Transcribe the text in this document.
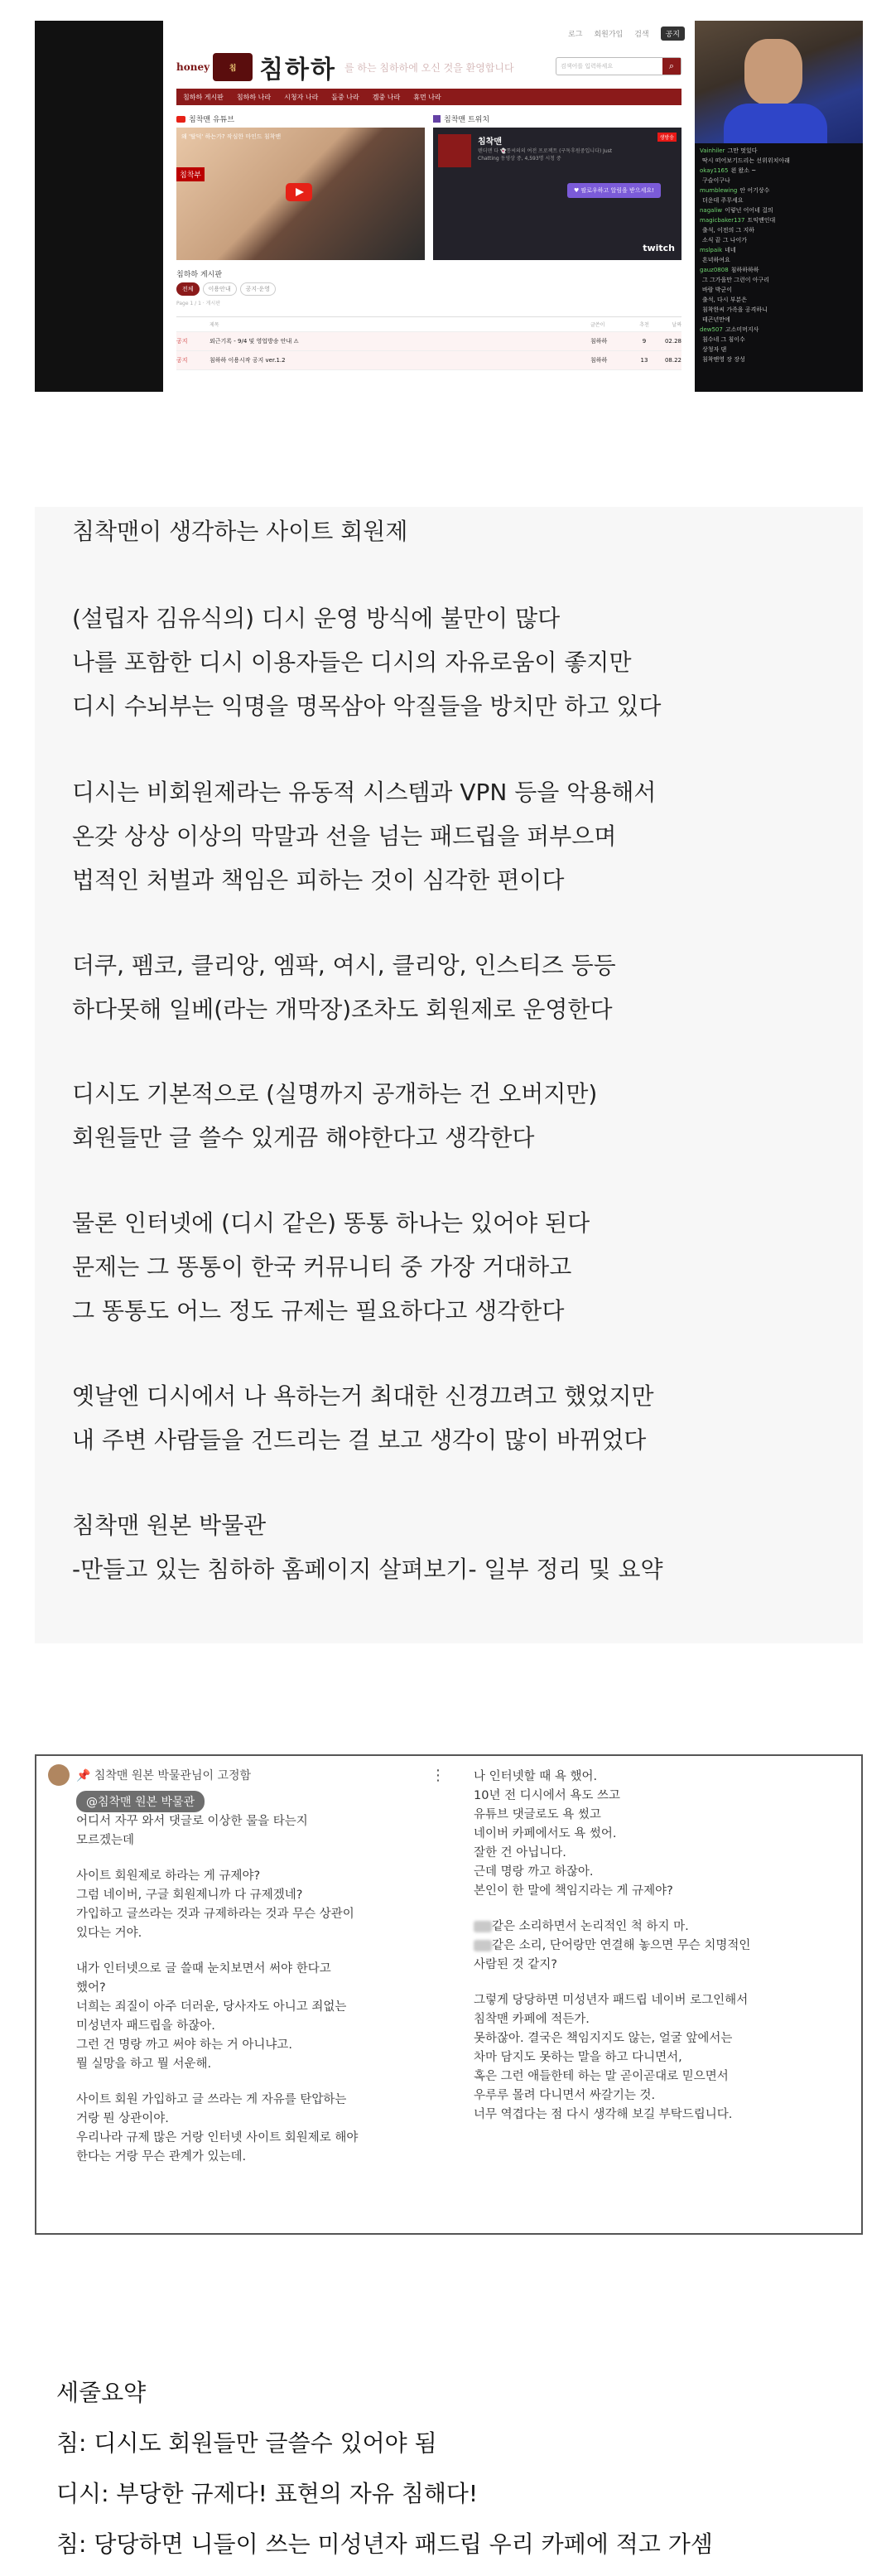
로그 회원가입 검색	공지
honey	침 침하하 를 하는 침하하에 오신 것을 환영합니다	검색어를 입력하세요	⌕
침하하 게시판 침하하 나라 시청자 나라 돌중 나라 겜중 나라 휴먼 나라
침착맨 유튜브
왜 '탈덕' 하는가? 작심한 마인드 침착맨
침착부
침착맨 트위치
침착맨
텐더맨 다 👻통씨의의 여전 프로젝트 (구독후원중입니다) Just Chatting 동영상 중, 4,593명 시청 중
생방송
♥ 팔로우하고 알림을 받으세요!
twitch
침하하 게시판
전체	이용안내	공지·운영
Page 1 / 1 · 게시판
제목	글쓴이	추천	날짜
공지	외근기록 - 9/4 및 영업방송 안내 ⚠	침하하	9	02.28
공지	침하하 이용시작 공지 ver.1.2	침하하	13	08.22
Vainhiler 그만 멋있다
딱시 떠어보기드리는 선위위치아래
okay1165 왼 왔소 ~
구슬이구나
mumblewing 안 어기상수
더운데 주무세요
nagaliw 이렇넌 어어네 걸의
magicbaker137 트익맨인대
출석, 이전의 그 지하
소식 끝 그 나이가
mslpaik 네네
흔녁하여요
gauz0808 침하하하하
그 그가을만 그런이 아구리
바람 박군이
출석, 다시 부분은
침착한씨 가족을 공격하니
테곤년만에
dew507 고소미머지사
침수네 그 침이수
상청자 댄
침착맨영 장 장성
침착맨이 생각하는 사이트 회원제
(설립자 김유식의) 디시 운영 방식에 불만이 많다
나를 포함한 디시 이용자들은 디시의 자유로움이 좋지만
디시 수뇌부는 익명을 명목삼아 악질들을 방치만 하고 있다
디시는 비회원제라는 유동적 시스템과 VPN 등을 악용해서
온갖 상상 이상의 막말과 선을 넘는 패드립을 퍼부으며
법적인 처벌과 책임은 피하는 것이 심각한 편이다
더쿠, 펨코, 클리앙, 엠팍, 여시, 클리앙, 인스티즈 등등
하다못해 일베(라는 개막장)조차도 회원제로 운영한다
디시도 기본적으로 (실명까지 공개하는 건 오버지만)
회원들만 글 쓸수 있게끔 해야한다고 생각한다
물론 인터넷에 (디시 같은) 똥통 하나는 있어야 된다
문제는 그 똥통이 한국 커뮤니티 중 가장 거대하고
그 똥통도 어느 정도 규제는 필요하다고 생각한다
옛날엔 디시에서 나 욕하는거 최대한 신경끄려고 했었지만
내 주변 사람들을 건드리는 걸 보고 생각이 많이 바뀌었다
침착맨 원본 박물관
-만들고 있는 침하하 홈페이지 살펴보기- 일부 정리 및 요약
📌 침착맨 원본 박물관님이 고정함	⋮
@침착맨 원본 박물관
어디서 자꾸 와서 댓글로 이상한 물을 타는지
모르겠는데
사이트 회원제로 하라는 게 규제야?
그럼 네이버, 구글 회원제니까 다 규제겠네?
가입하고 글쓰라는 것과 규제하라는 것과 무슨 상관이
있다는 거야.
내가 인터넷으로 글 쓸때 눈치보면서 써야 한다고
했어?
너희는 죄질이 아주 더러운, 당사자도 아니고 죄없는
미성년자 패드립을 하잖아.
그런 건 명랑 까고 써야 하는 거 아니냐고.
뭘 실망을 하고 뭘 서운해.
사이트 회원 가입하고 글 쓰라는 게 자유를 탄압하는
거랑 뭔 상관이야.
우리나라 규제 많은 거랑 인터넷 사이트 회원제로 해야
한다는 거랑 무슨 관계가 있는데.
나 인터넷할 때 욕 했어.
10년 전 디시에서 욕도 쓰고
유튜브 댓글로도 욕 썼고
네이버 카페에서도 욕 썼어.
잘한 건 아닙니다.
근데 명랑 까고 하잖아.
본인이 한 말에 책임지라는 게 규제야?
같은 소리하면서 논리적인 척 하지 마.
같은 소리, 단어랑만 연결해 놓으면 무슨 치명적인
사람된 것 같지?
그렇게 당당하면 미성년자 패드립 네이버 로그인해서
침착맨 카페에 적든가.
못하잖아. 결국은 책임지지도 않는, 얼굴 앞에서는
차마 담지도 못하는 말을 하고 다니면서,
혹은 그런 애들한테 하는 말 곧이곧대로 믿으면서
우루루 몰려 다니면서 싸갈기는 것.
너무 역겹다는 점 다시 생각해 보길 부탁드립니다.
세줄요약
침: 디시도 회원들만 글쓸수 있어야 됨
디시: 부당한 규제다! 표현의 자유 침해다!
침: 당당하면 니들이 쓰는 미성년자 패드립 우리 카페에 적고 가셈
